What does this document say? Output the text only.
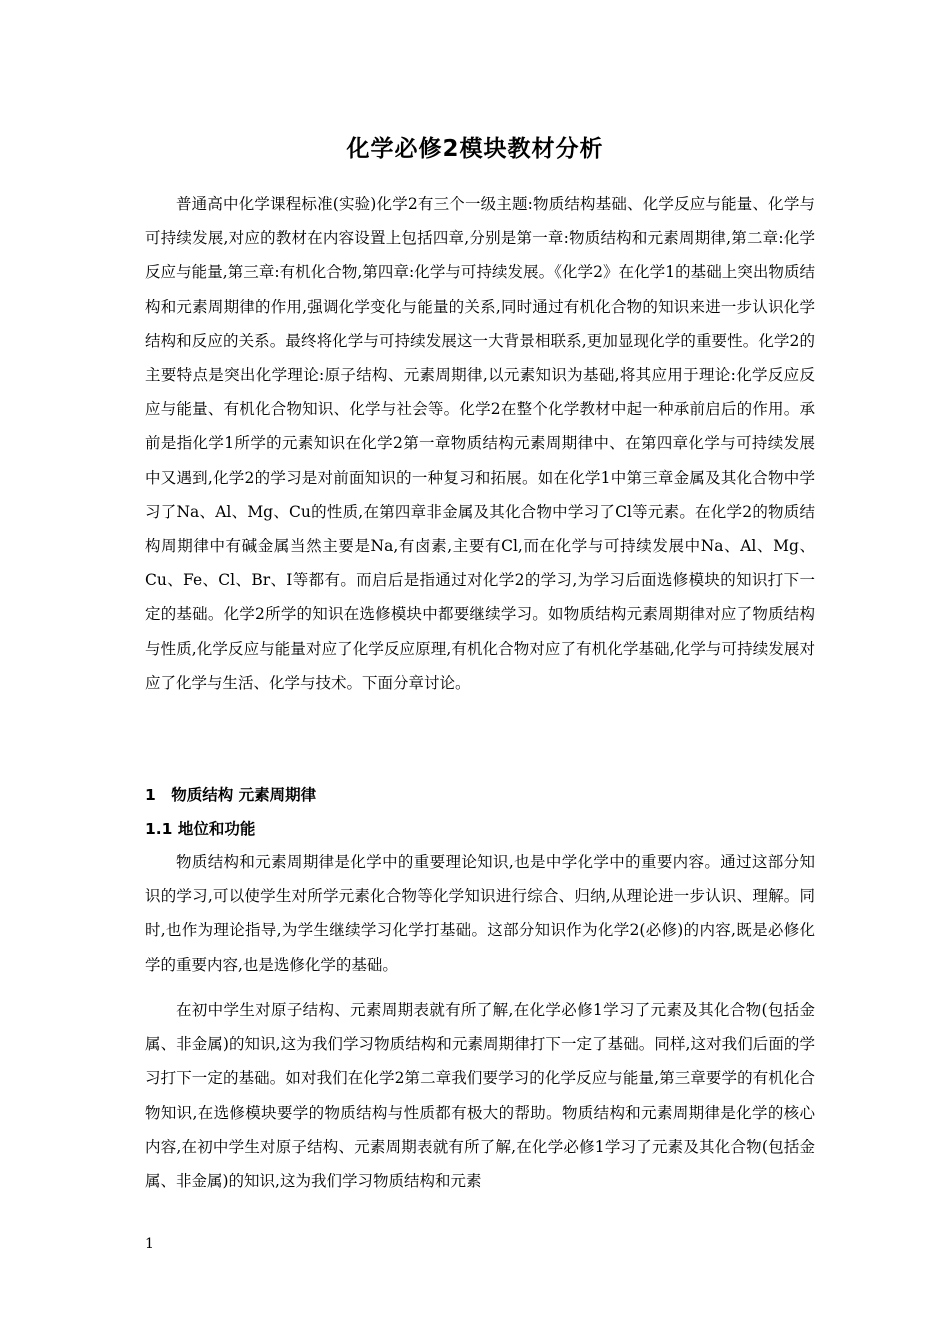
化学必修2模块教材分析

普通高中化学课程标准(实验)化学2有三个一级主题:物质结构基础、化学反应与能量、化学与可持续发展,对应的教材在内容设置上包括四章,分别是第一章:物质结构和元素周期律,第二章:化学反应与能量,第三章:有机化合物,第四章:化学与可持续发展。《化学2》在化学1的基础上突出物质结构和元素周期律的作用,强调化学变化与能量的关系,同时通过有机化合物的知识来进一步认识化学结构和反应的关系。最终将化学与可持续发展这一大背景相联系,更加显现化学的重要性。化学2的主要特点是突出化学理论:原子结构、元素周期律,以元素知识为基础,将其应用于理论:化学反应反应与能量、有机化合物知识、化学与社会等。化学2在整个化学教材中起一种承前启后的作用。承前是指化学1所学的元素知识在化学2第一章物质结构元素周期律中、在第四章化学与可持续发展中又遇到,化学2的学习是对前面知识的一种复习和拓展。如在化学1中第三章金属及其化合物中学习了Na、Al、Mg、Cu的性质,在第四章非金属及其化合物中学习了Cl等元素。在化学2的物质结构周期律中有碱金属当然主要是Na,有卤素,主要有Cl,而在化学与可持续发展中Na、Al、Mg、Cu、Fe、Cl、Br、I等都有。而启后是指通过对化学2的学习,为学习后面选修模块的知识打下一定的基础。化学2所学的知识在选修模块中都要继续学习。如物质结构元素周期律对应了物质结构与性质,化学反应与能量对应了化学反应原理,有机化合物对应了有机化学基础,化学与可持续发展对应了化学与生活、化学与技术。下面分章讨论。

1　物质结构 元素周期律
1.1 地位和功能

物质结构和元素周期律是化学中的重要理论知识,也是中学化学中的重要内容。通过这部分知识的学习,可以使学生对所学元素化合物等化学知识进行综合、归纳,从理论进一步认识、理解。同时,也作为理论指导,为学生继续学习化学打基础。这部分知识作为化学2(必修)的内容,既是必修化学的重要内容,也是选修化学的基础。

在初中学生对原子结构、元素周期表就有所了解,在化学必修1学习了元素及其化合物(包括金属、非金属)的知识,这为我们学习物质结构和元素周期律打下一定了基础。同样,这对我们后面的学习打下一定的基础。如对我们在化学2第二章我们要学习的化学反应与能量,第三章要学的有机化合物知识,在选修模块要学的物质结构与性质都有极大的帮助。物质结构和元素周期律是化学的核心内容,在初中学生对原子结构、元素周期表就有所了解,在化学必修1学习了元素及其化合物(包括金属、非金属)的知识,这为我们学习物质结构和元素

1
